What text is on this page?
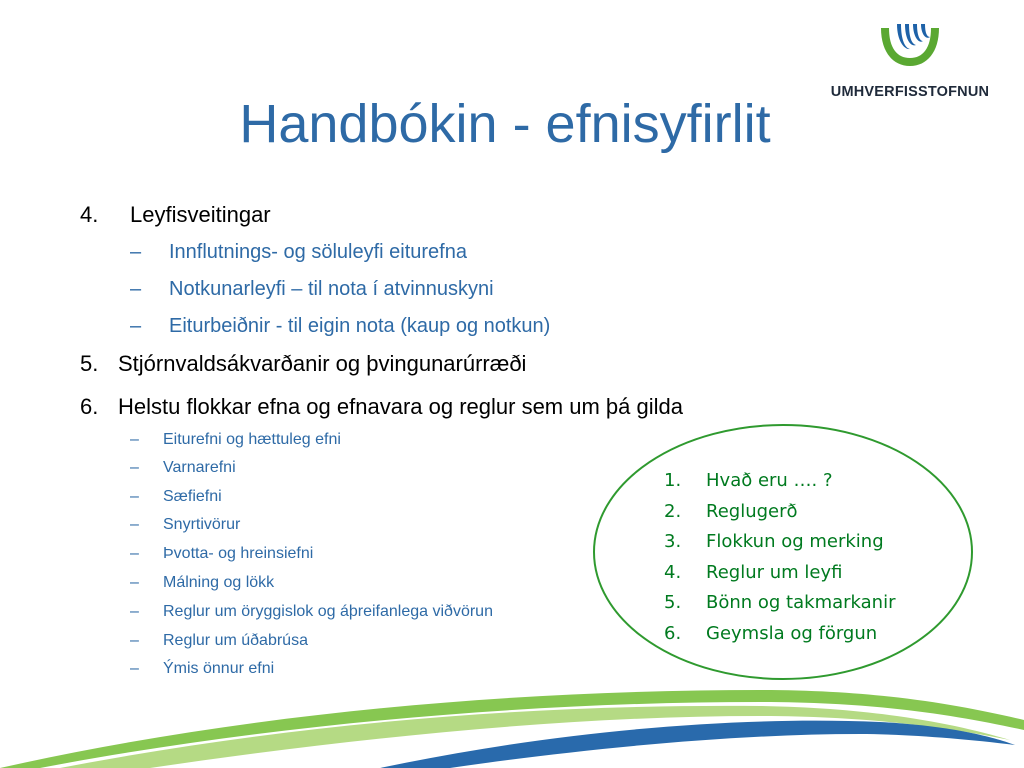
UMHVERFISSTOFNUN
Handbókin - efnisyfirlit
4. Leyfisveitingar
– Innflutnings- og söluleyfi eiturefna
– Notkunarleyfi – til nota í atvinnuskyni
– Eiturbeiðnir - til eigin nota (kaup og notkun)
5. Stjórnvaldsákvarðanir og þvingunarúrræði
6. Helstu flokkar efna og efnavara og reglur sem um þá gilda
– Eiturefni og hættuleg efni
– Varnarefni
– Sæfiefni
– Snyrtivörur
– Þvotta- og hreinsiefni
– Málning og lökk
– Reglur um öryggislok og áþreifanlega viðvörun
– Reglur um úðabrúsa
– Ýmis önnur efni
1. Hvað eru …. ?
2. Reglugerð
3. Flokkun og merking
4. Reglur um leyfi
5. Bönn og takmarkanir
6. Geymsla og förgun
